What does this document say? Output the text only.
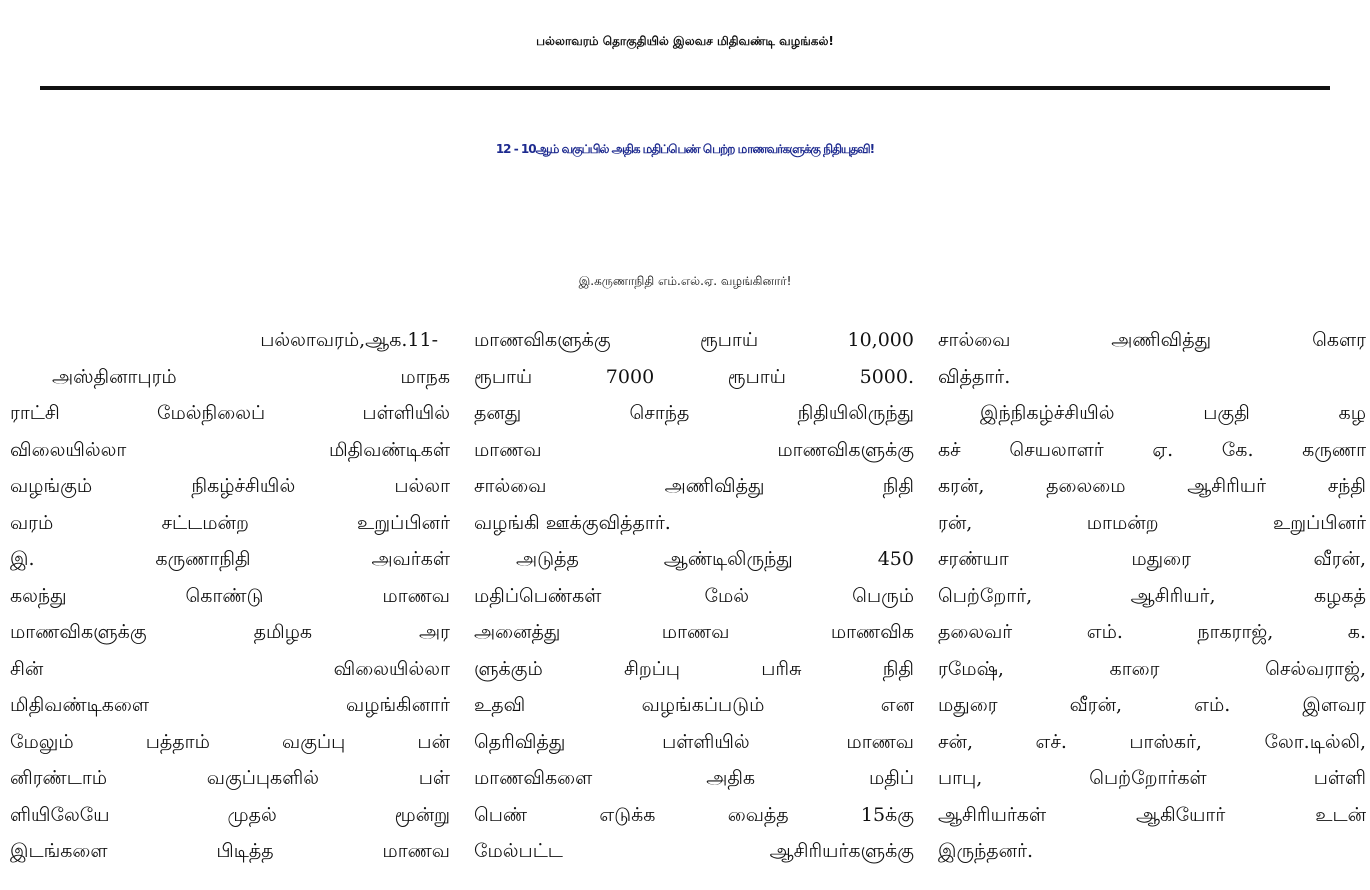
பல்லாவரம் தொகுதியில் இலவச மிதிவண்டி வழங்கல்!
12 - 10ஆம் வகுப்பில் அதிக மதிப்பெண் பெற்ற மாணவர்களுக்கு நிதியுதவி!
இ.கருணாநிதி எம்.எல்.ஏ. வழங்கினார்!
பல்லாவரம்,ஆக.11-
அஸ்தினாபுரம் மாநக
ராட்சி மேல்நிலைப் பள்ளியில்
விலையில்லா மிதிவண்டிகள்
வழங்கும் நிகழ்ச்சியில் பல்லா
வரம் சட்டமன்ற உறுப்பினர்
இ. கருணாநிதி அவர்கள்
கலந்து கொண்டு மாணவ
மாணவிகளுக்கு தமிழக அர
சின் விலையில்லா
மிதிவண்டிகளை வழங்கினார்
மேலும் பத்தாம் வகுப்பு பன்
னிரண்டாம் வகுப்புகளில் பள்
ளியிலேயே முதல் மூன்று
இடங்களை பிடித்த மாணவ
மாணவிகளுக்கு ரூபாய் 10,000
ரூபாய் 7000 ரூபாய் 5000.
தனது சொந்த நிதியிலிருந்து
மாணவ மாணவிகளுக்கு
சால்வை அணிவித்து நிதி
வழங்கி ஊக்குவித்தார்.
அடுத்த ஆண்டிலிருந்து 450
மதிப்பெண்கள் மேல் பெரும்
அனைத்து மாணவ மாணவிக
ளுக்கும் சிறப்பு பரிசு நிதி
உதவி வழங்கப்படும் என
தெரிவித்து பள்ளியில் மாணவ
மாணவிகளை அதிக மதிப்
பெண் எடுக்க வைத்த 15க்கு
மேல்பட்ட ஆசிரியர்களுக்கு
சால்வை அணிவித்து கௌர
வித்தார்.
இந்நிகழ்ச்சியில் பகுதி கழ
கச் செயலாளர் ஏ. கே. கருணா
கரன், தலைமை ஆசிரியர் சந்தி
ரன், மாமன்ற உறுப்பினர்
சரண்யா மதுரை வீரன்,
பெற்றோர், ஆசிரியர், கழகத்
தலைவர் எம். நாகராஜ், க.
ரமேஷ், காரை செல்வராஜ்,
மதுரை வீரன், எம். இளவர
சன், எச். பாஸ்கர், லோ.டில்லி,
பாபு, பெற்றோர்கள் பள்ளி
ஆசிரியர்கள் ஆகியோர் உடன்
இருந்தனர்.
